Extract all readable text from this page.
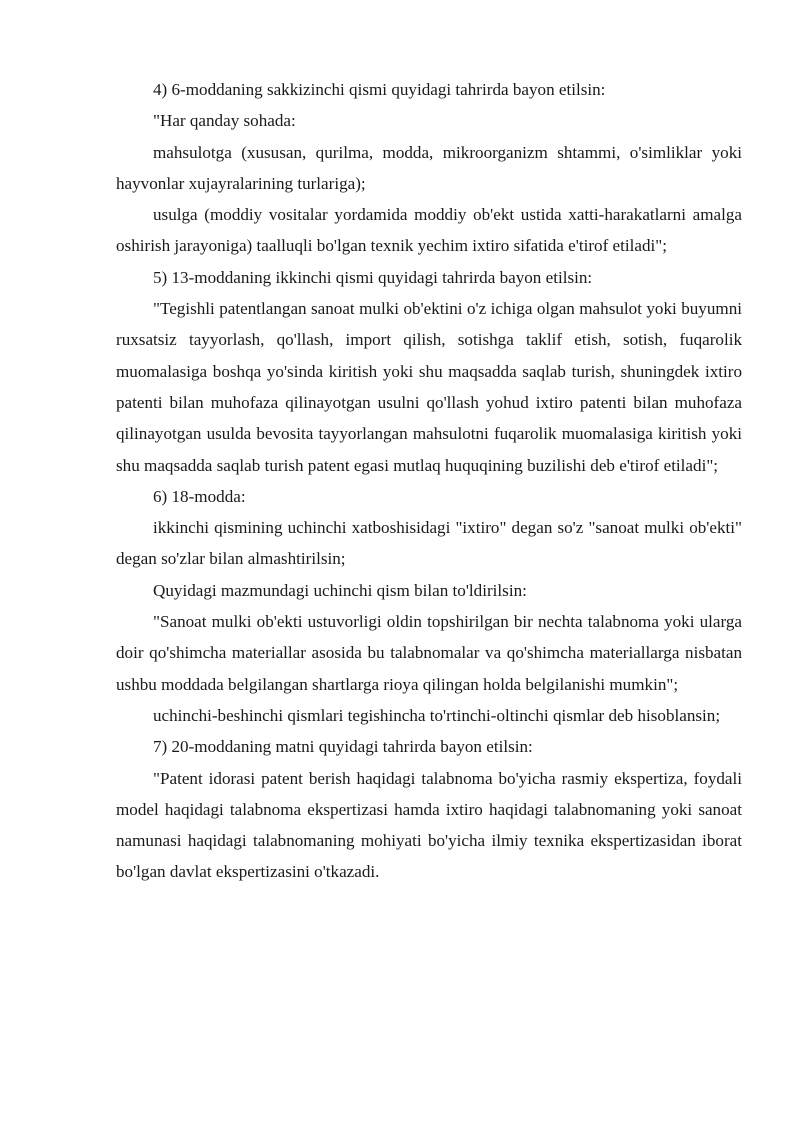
4) 6-moddaning sakkizinchi qismi quyidagi tahrirda bayon etilsin:

"Har qanday sohada:

mahsulotga (xususan, qurilma, modda, mikroorganizm shtammi, o'simliklar yoki hayvonlar xujayralarining turlariga);

usulga (moddiy vositalar yordamida moddiy ob'ekt ustida xatti-harakatlarni amalga oshirish jarayoniga) taalluqli bo'lgan texnik yechim ixtiro sifatida e'tirof etiladi";

5) 13-moddaning ikkinchi qismi quyidagi tahrirda bayon etilsin:

"Tegishli patentlangan sanoat mulki ob'ektini o'z ichiga olgan mahsulot yoki buyumni ruxsatsiz tayyorlash, qo'llash, import qilish, sotishga taklif etish, sotish, fuqarolik muomalasiga boshqa yo'sinda kiritish yoki shu maqsadda saqlab turish, shuningdek ixtiro patenti bilan muhofaza qilinayotgan usulni qo'llash yohud ixtiro patenti bilan muhofaza qilinayotgan usulda bevosita tayyorlangan mahsulotni fuqarolik muomalasiga kiritish yoki shu maqsadda saqlab turish patent egasi mutlaq huquqining buzilishi deb e'tirof etiladi";

6) 18-modda:

ikkinchi qismining uchinchi xatboshisidagi "ixtiro" degan so'z "sanoat mulki ob'ekti" degan so'zlar bilan almashtirilsin;

Quyidagi mazmundagi uchinchi qism bilan to'ldirilsin:

"Sanoat mulki ob'ekti ustuvorligi oldin topshirilgan bir nechta talabnoma yoki ularga doir qo'shimcha materiallar asosida bu talabnomalar va qo'shimcha materiallarga nisbatan ushbu moddada belgilangan shartlarga rioya qilingan holda belgilanishi mumkin";

uchinchi-beshinchi qismlari tegishincha to'rtinchi-oltinchi qismlar deb hisoblansin;

7) 20-moddaning matni quyidagi tahrirda bayon etilsin:

"Patent idorasi patent berish haqidagi talabnoma bo'yicha rasmiy ekspertiza, foydali model haqidagi talabnoma ekspertizasi hamda ixtiro haqidagi talabnomaning yoki sanoat namunasi haqidagi talabnomaning mohiyati bo'yicha ilmiy texnika ekspertizasidan iborat bo'lgan davlat ekspertizasini o'tkazadi.
